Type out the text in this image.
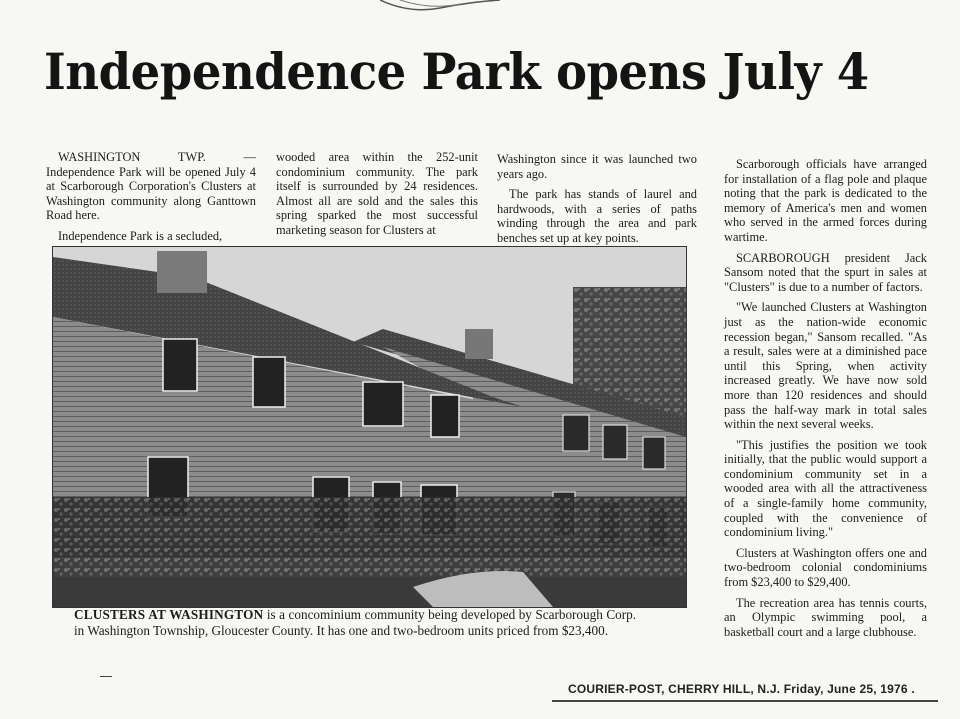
Independence Park opens July 4

WASHINGTON TWP. — Independence Park will be opened July 4 at Scarborough Corporation's Clusters at Washington community along Ganttown Road here.

Independence Park is a secluded,

wooded area within the 252-unit condominium community. The park itself is surrounded by 24 residences. Almost all are sold and the sales this spring sparked the most successful marketing season for Clusters at

Washington since it was launched two years ago.

The park has stands of laurel and hardwoods, with a series of paths winding through the area and park benches set up at key points.

Scarborough officials have arranged for installation of a flag pole and plaque noting that the park is dedicated to the memory of America's men and women who served in the armed forces during wartime.

SCARBOROUGH president Jack Sansom noted that the spurt in sales at "Clusters" is due to a number of factors.

"We launched Clusters at Washington just as the nation-wide economic recession began," Sansom recalled. "As a result, sales were at a diminished pace until this Spring, when activity increased greatly. We have now sold more than 120 residences and should pass the half-way mark in total sales within the next several weeks.

"This justifies the position we took initially, that the public would support a condominium community set in a wooded area with all the attractiveness of a single-family home community, coupled with the convenience of condominium living."

Clusters at Washington offers one and two-bedroom colonial condominiums from $23,400 to $29,400.

The recreation area has tennis courts, an Olympic swimming pool, a basketball court and a large clubhouse.

CLUSTERS AT WASHINGTON is a concominium community being developed by Scarborough Corp. in Washington Township, Gloucester County. It has one and two-bedroom units priced from $23,400.
COURIER-POST, CHERRY HILL, N.J. Friday, June 25, 1976 .
